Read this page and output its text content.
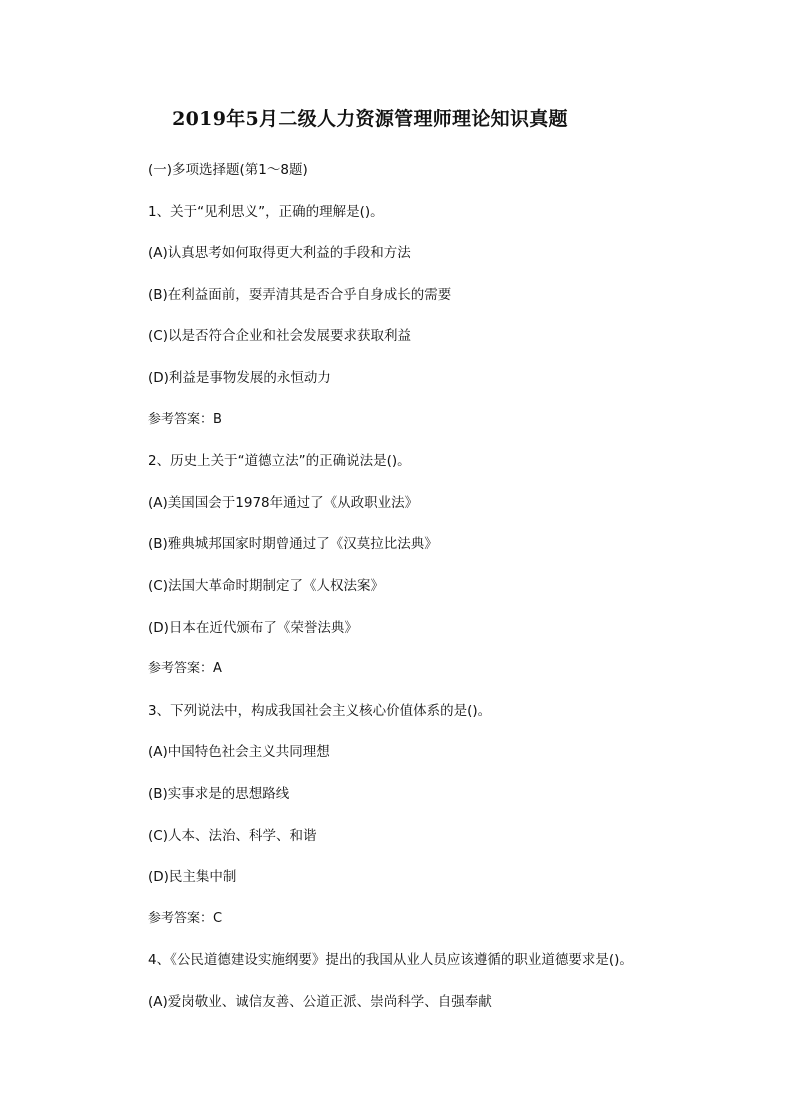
2019年5月二级人力资源管理师理论知识真题
(一)多项选择题(第1～8题)
1、关于“见利思义”，正确的理解是()。
(A)认真思考如何取得更大利益的手段和方法
(B)在利益面前，耍弄清其是否合乎自身成长的需要
(C)以是否符合企业和社会发展要求获取利益
(D)利益是事物发展的永恒动力
参考答案：B
2、历史上关于“道德立法”的正确说法是()。
(A)美国国会于1978年通过了《从政职业法》
(B)雅典城邦国家时期曾通过了《汉莫拉比法典》
(C)法国大革命时期制定了《人权法案》
(D)日本在近代颁布了《荣誉法典》
参考答案：A
3、下列说法中，构成我国社会主义核心价值体系的是()。
(A)中国特色社会主义共同理想
(B)实事求是的思想路线
(C)人本、法治、科学、和谐
(D)民主集中制
参考答案：C
4、《公民道德建设实施纲要》提出的我国从业人员应该遵循的职业道德要求是()。
(A)爱岗敬业、诚信友善、公道正派、崇尚科学、自强奉献
